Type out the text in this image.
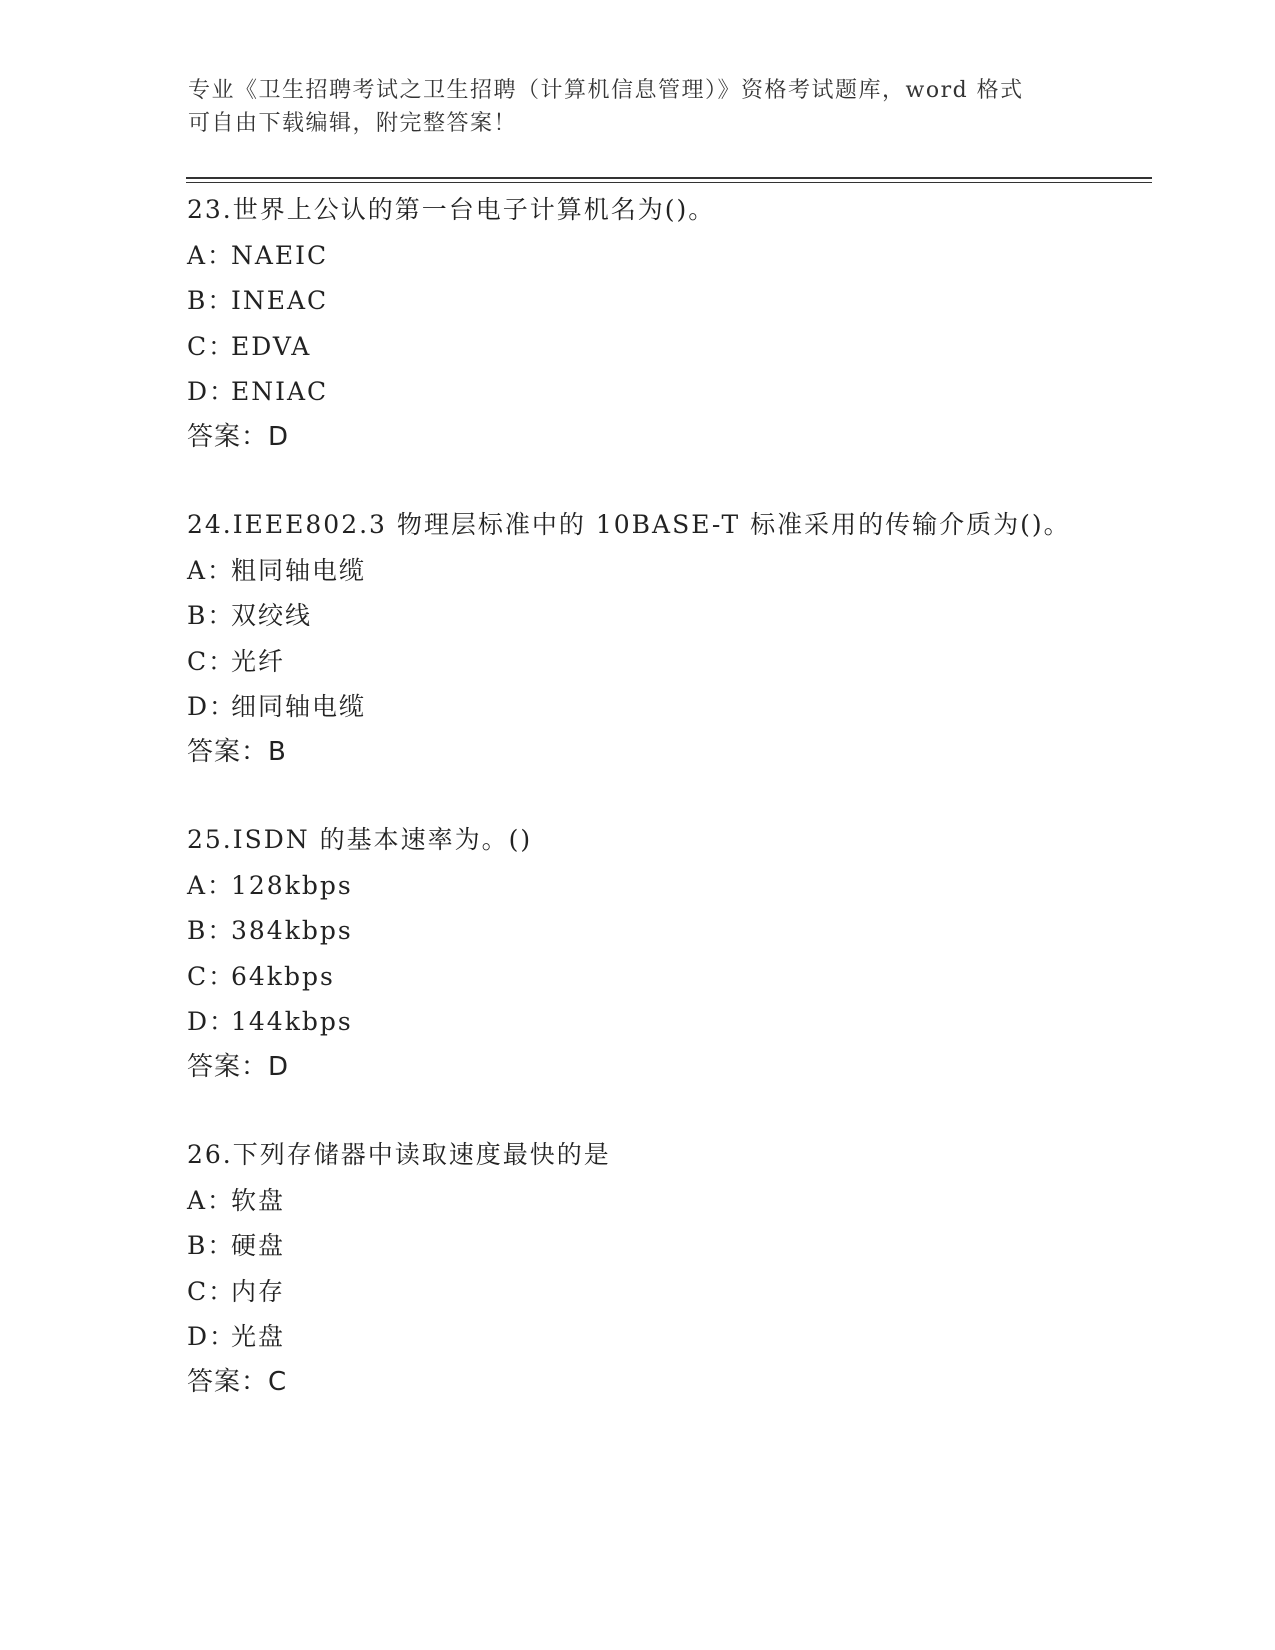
专业《卫生招聘考试之卫生招聘（计算机信息管理）》资格考试题库，word 格式
可自由下载编辑，附完整答案！
23.世界上公认的第一台电子计算机名为()。
A：NAEIC
B：INEAC
C：EDVA
D：ENIAC
答案：D
24.IEEE802.3 物理层标准中的 10BASE-T 标准采用的传输介质为()。
A：粗同轴电缆
B：双绞线
C：光纤
D：细同轴电缆
答案：B
25.ISDN 的基本速率为。()
A：128kbps
B：384kbps
C：64kbps
D：144kbps
答案：D
26.下列存储器中读取速度最快的是
A：软盘
B：硬盘
C：内存
D：光盘
答案：C
